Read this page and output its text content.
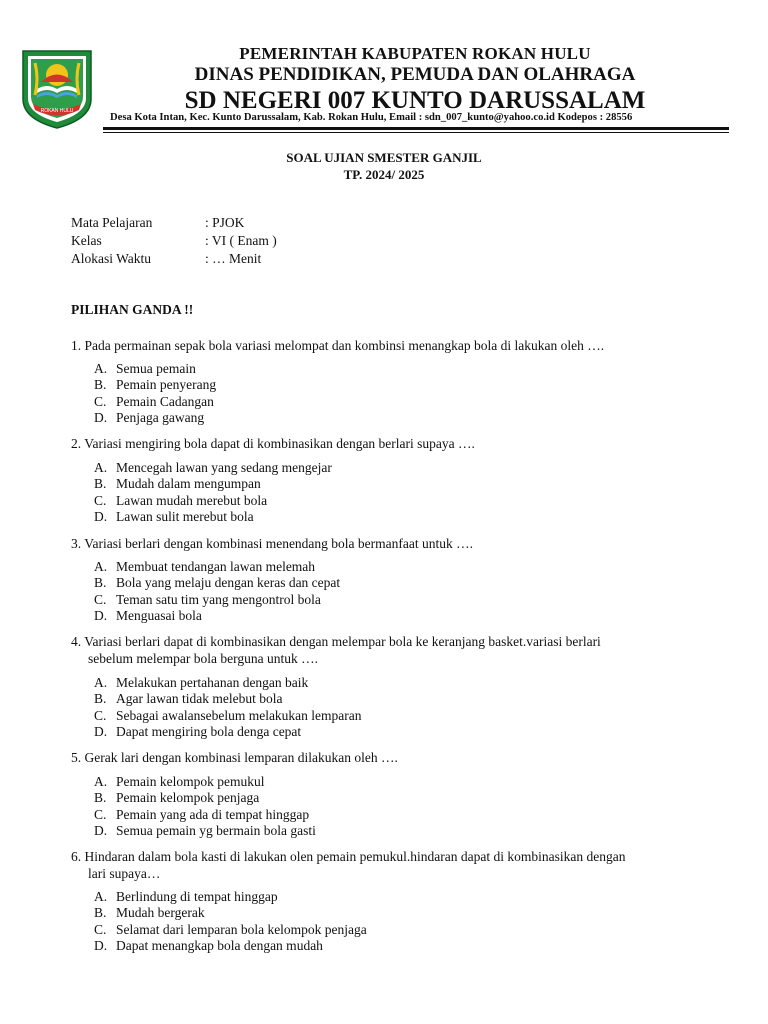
ROKAN HULU
PEMERINTAH KABUPATEN ROKAN HULU
DINAS PENDIDIKAN, PEMUDA DAN OLAHRAGA
SD NEGERI 007 KUNTO DARUSSALAM
Desa Kota Intan, Kec. Kunto Darussalam, Kab. Rokan Hulu, Email : sdn_007_kunto@yahoo.co.id Kodepos : 28556
SOAL UJIAN SMESTER GANJIL
TP. 2024/ 2025
Mata Pelajaran	: PJOK
Kelas	: VI ( Enam )
Alokasi Waktu	: … Menit
PILIHAN GANDA !!
1. Pada permainan sepak bola variasi melompat dan kombinsi menangkap bola di lakukan oleh ….
A. Semua pemain
B. Pemain penyerang
C. Pemain Cadangan
D. Penjaga gawang
2. Variasi mengiring bola dapat di kombinasikan dengan berlari supaya ….
A. Mencegah lawan yang sedang mengejar
B. Mudah dalam mengumpan
C. Lawan mudah merebut bola
D. Lawan sulit merebut bola
3. Variasi berlari dengan kombinasi menendang bola bermanfaat untuk ….
A. Membuat tendangan lawan melemah
B. Bola yang melaju dengan keras dan cepat
C. Teman satu tim yang mengontrol bola
D. Menguasai bola
4. Variasi berlari dapat di kombinasikan dengan melempar bola ke keranjang basket.variasi berlari
sebelum melempar bola berguna untuk ….
A. Melakukan pertahanan dengan baik
B. Agar lawan tidak melebut bola
C. Sebagai awalansebelum melakukan lemparan
D. Dapat mengiring bola denga cepat
5. Gerak lari dengan kombinasi lemparan dilakukan oleh ….
A. Pemain kelompok pemukul
B. Pemain kelompok penjaga
C. Pemain yang ada di tempat hinggap
D. Semua pemain yg bermain bola gasti
6. Hindaran dalam bola kasti di lakukan olen pemain pemukul.hindaran dapat di kombinasikan dengan
lari supaya…
A. Berlindung di tempat hinggap
B. Mudah bergerak
C. Selamat dari lemparan bola kelompok penjaga
D. Dapat menangkap bola dengan mudah
